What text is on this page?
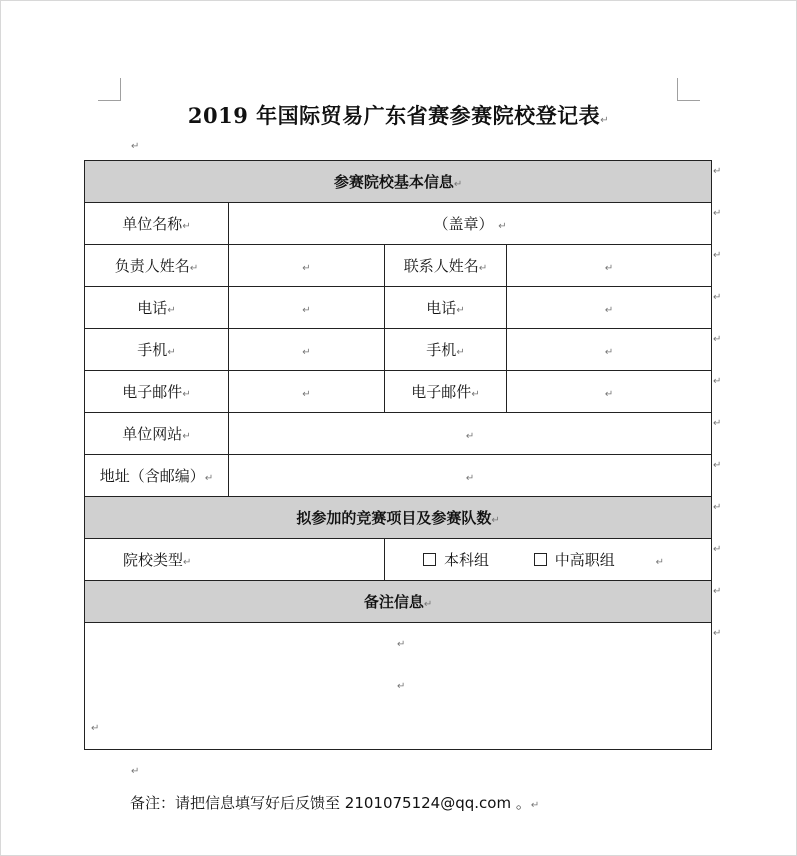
2019 年国际贸易广东省赛参赛院校登记表↵
↵
参赛院校基本信息↵			
单位名称↵	（盖章） ↵		
负责人姓名↵	↵	联系人姓名↵	↵
电话↵	↵	电话↵	↵
手机↵	↵	手机↵	↵
电子邮件↵	↵	电子邮件↵	↵
单位网站↵	↵		
地址（含邮编）↵	↵		
拟参加的竞赛项目及参赛队数↵			
院校类型↵		本科组 中高职组 ↵	
备注信息↵			

↵
↵
↵			
↵
↵
↵
↵
↵
↵
↵
↵
↵
↵
↵
↵
↵
备注：请把信息填写好后反馈至 2101075124@qq.com 。↵
